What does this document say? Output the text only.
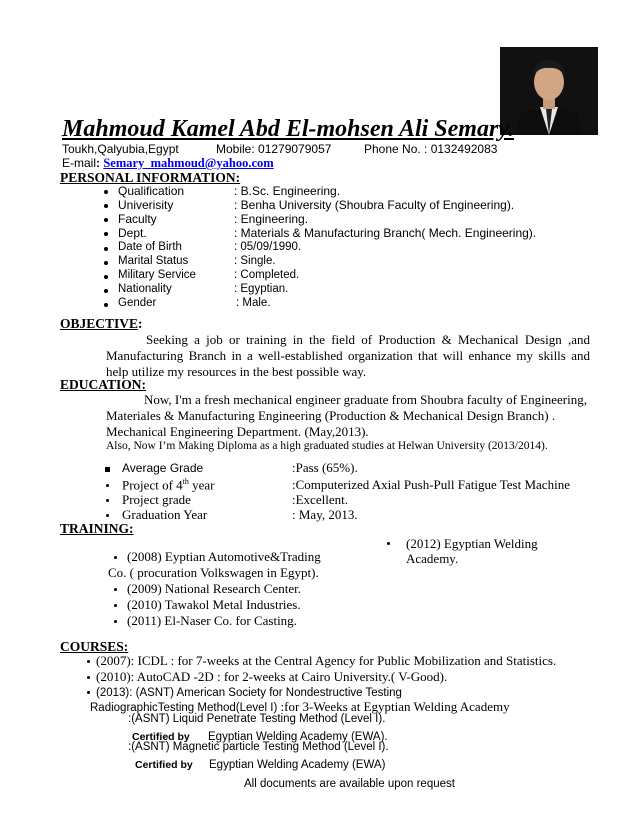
Mahmoud Kamel Abd El-mohsen Ali Semary.
Toukh,Qalyubia,Egypt	Mobile: 01279079057	Phone No. : 0132492083
E-mail: Semary_mahmoud@yahoo.com
PERSONAL INFORMATION:
Qualification	: B.Sc. Engineering.
Univerisity	: Benha University (Shoubra Faculty of Engineering).
Faculty	: Engineering.
Dept.	: Materials & Manufacturing Branch( Mech. Engineering).
Date of Birth	: 05/09/1990.
Marital Status	: Single.
Military Service	: Completed.
Nationality	: Egyptian.
Gender	: Male.
OBJECTIVE:
Seeking a job or training in the field of Production & Mechanical Design ,and Manufacturing Branch in a well-established organization that will enhance my skills and help utilize my resources in the best possible way.
EDUCATION:
Now, I'm a fresh mechanical engineer graduate from Shoubra faculty of Engineering,
Materiales & Manufacturing Engineering (Production & Mechanical Design Branch) .
Mechanical Engineering Department. (May,2013).
Also, Now I’m Making Diploma as a high graduated studies at Helwan University (2013/2014).
Average Grade	:Pass (65%).
Project of 4th year	:Computerized Axial Push-Pull Fatigue Test Machine
Project grade	:Excellent.
Graduation Year	: May, 2013.
TRAINING:
(2008) Eyptian Automotive&Trading
Co. ( procuration Volkswagen in Egypt).
(2009) National Research Center.
(2010) Tawakol Metal Industries.
(2011) El-Naser Co. for Casting.
(2012) Egyptian Welding
Academy.
COURSES:
(2007): ICDL : for 7-weeks at the Central Agency for Public Mobilization and Statistics.
(2010): AutoCAD -2D : for 2-weeks at Cairo University.( V-Good).
(2013): (ASNT) American Society for Nondestructive Testing
RadiographicTesting Method(Level I) :for 3-Weeks at Egyptian Welding Academy
:(ASNT) Liquid Penetrate Testing Method (Level I).
Certified by Egyptian Welding Academy (EWA).
:(ASNT) Magnetic particle Testing Method (Level I).
Certified by Egyptian Welding Academy (EWA)
All documents are available upon request
